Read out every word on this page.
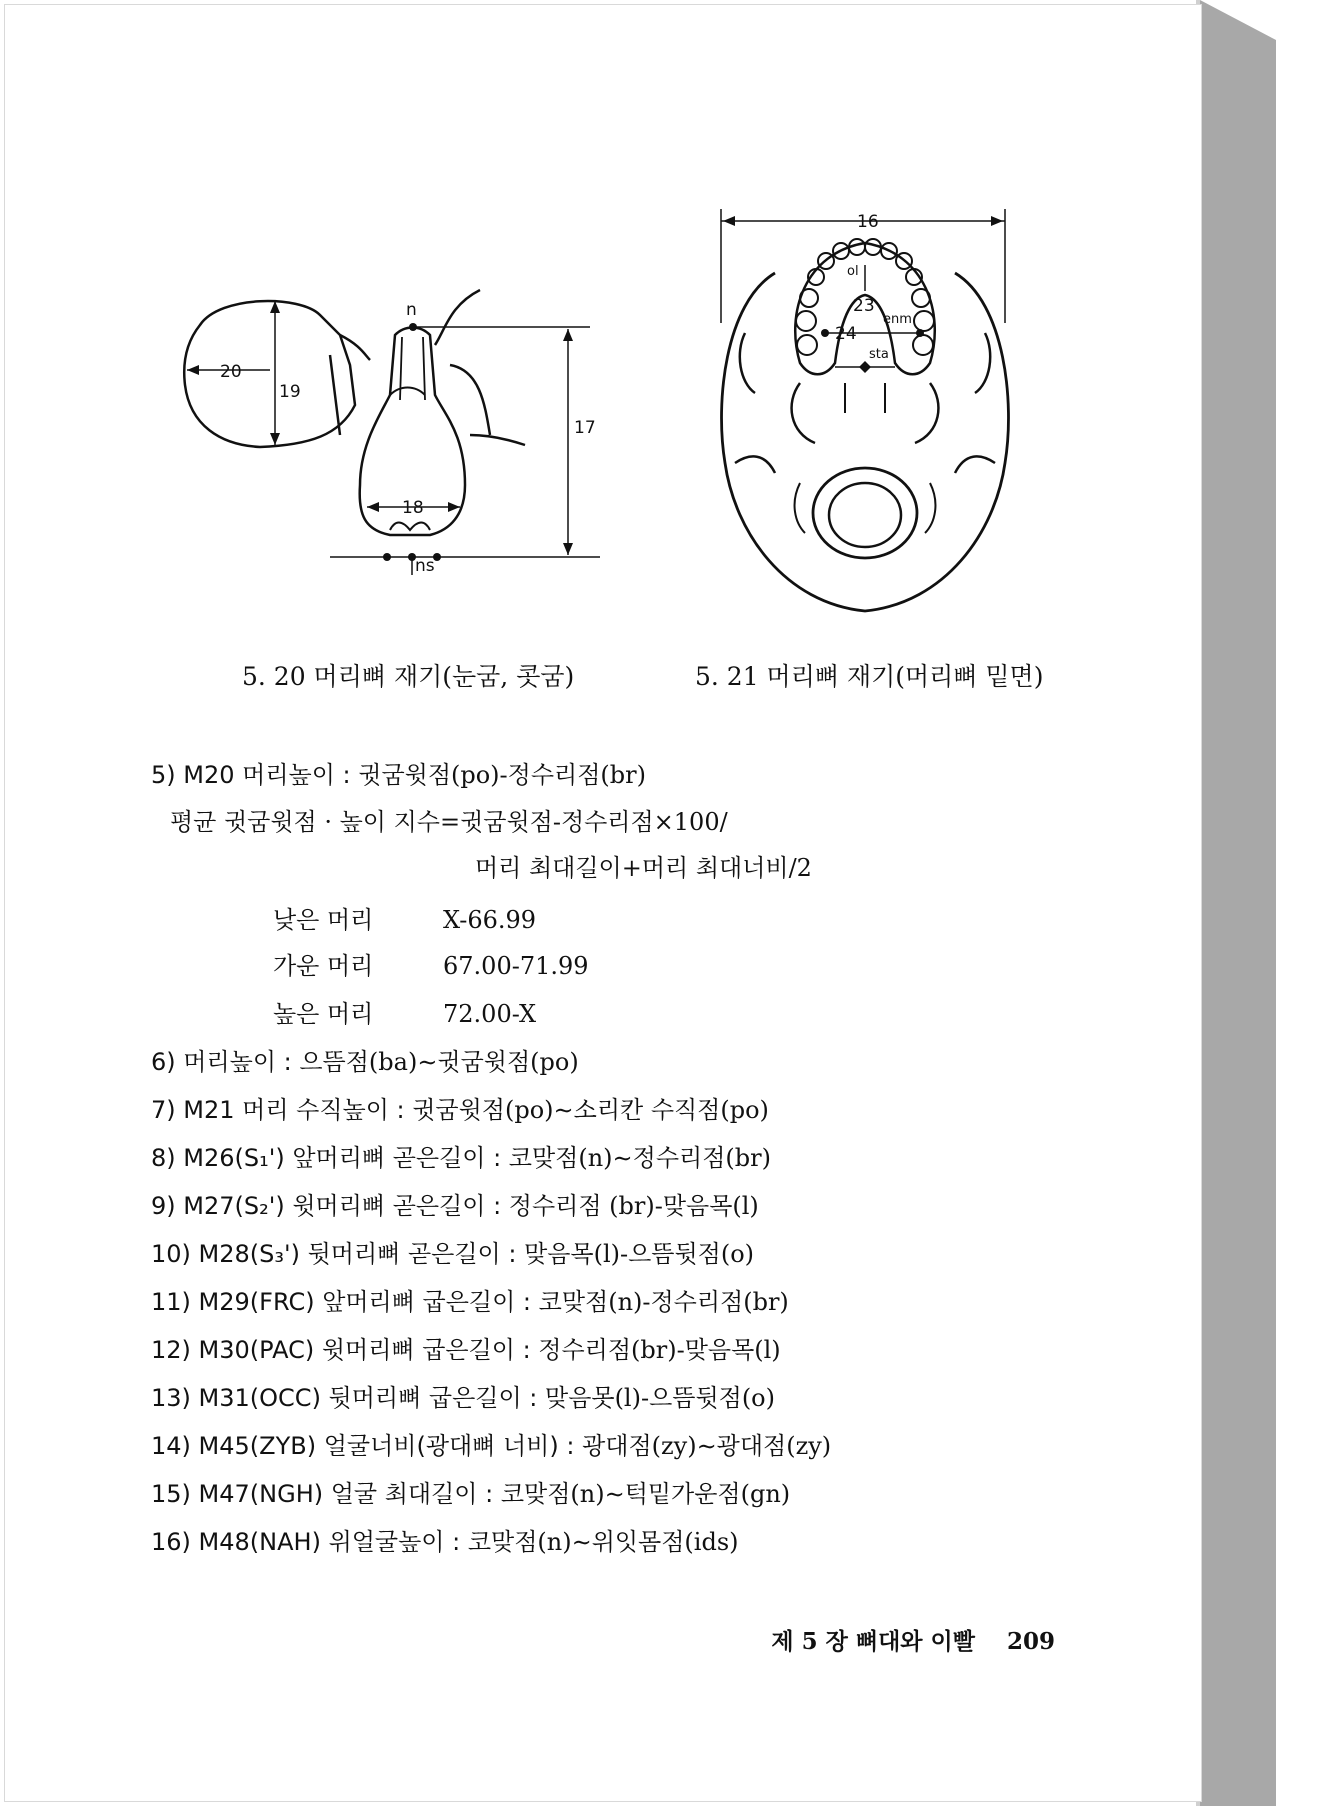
n
20
19
17
18
ns
16
ol
23
enm
24
sta
5. 20 머리뼈 재기(눈굼, 콧굼)	5. 21 머리뼈 재기(머리뼈 밑면)
5) M20 머리높이 : 귓굼윗점(po)-정수리점(br)
평균 귓굼윗점 · 높이 지수=귓굼윗점-정수리점×100/
머리 최대길이+머리 최대너비/2
낮은 머리	X-66.99
가운 머리	67.00-71.99
높은 머리	72.00-X
6) 머리높이 : 으뜸점(ba)∼귓굼윗점(po)
7) M21 머리 수직높이 : 귓굼윗점(po)∼소리칸 수직점(po)
8) M26(S₁') 앞머리뼈 곧은길이 : 코맞점(n)∼정수리점(br)
9) M27(S₂') 윗머리뼈 곧은길이 : 정수리점 (br)-맞음목(l)
10) M28(S₃') 뒷머리뼈 곧은길이 : 맞음목(l)-으뜸뒷점(o)
11) M29(FRC) 앞머리뼈 굽은길이 : 코맞점(n)-정수리점(br)
12) M30(PAC) 윗머리뼈 굽은길이 : 정수리점(br)-맞음목(l)
13) M31(OCC) 뒷머리뼈 굽은길이 : 맞음못(l)-으뜸뒷점(o)
14) M45(ZYB) 얼굴너비(광대뼈 너비) : 광대점(zy)∼광대점(zy)
15) M47(NGH) 얼굴 최대길이 : 코맞점(n)∼턱밑가운점(gn)
16) M48(NAH) 위얼굴높이 : 코맞점(n)∼위잇몸점(ids)
제 5 장 뼈대와 이빨 209
